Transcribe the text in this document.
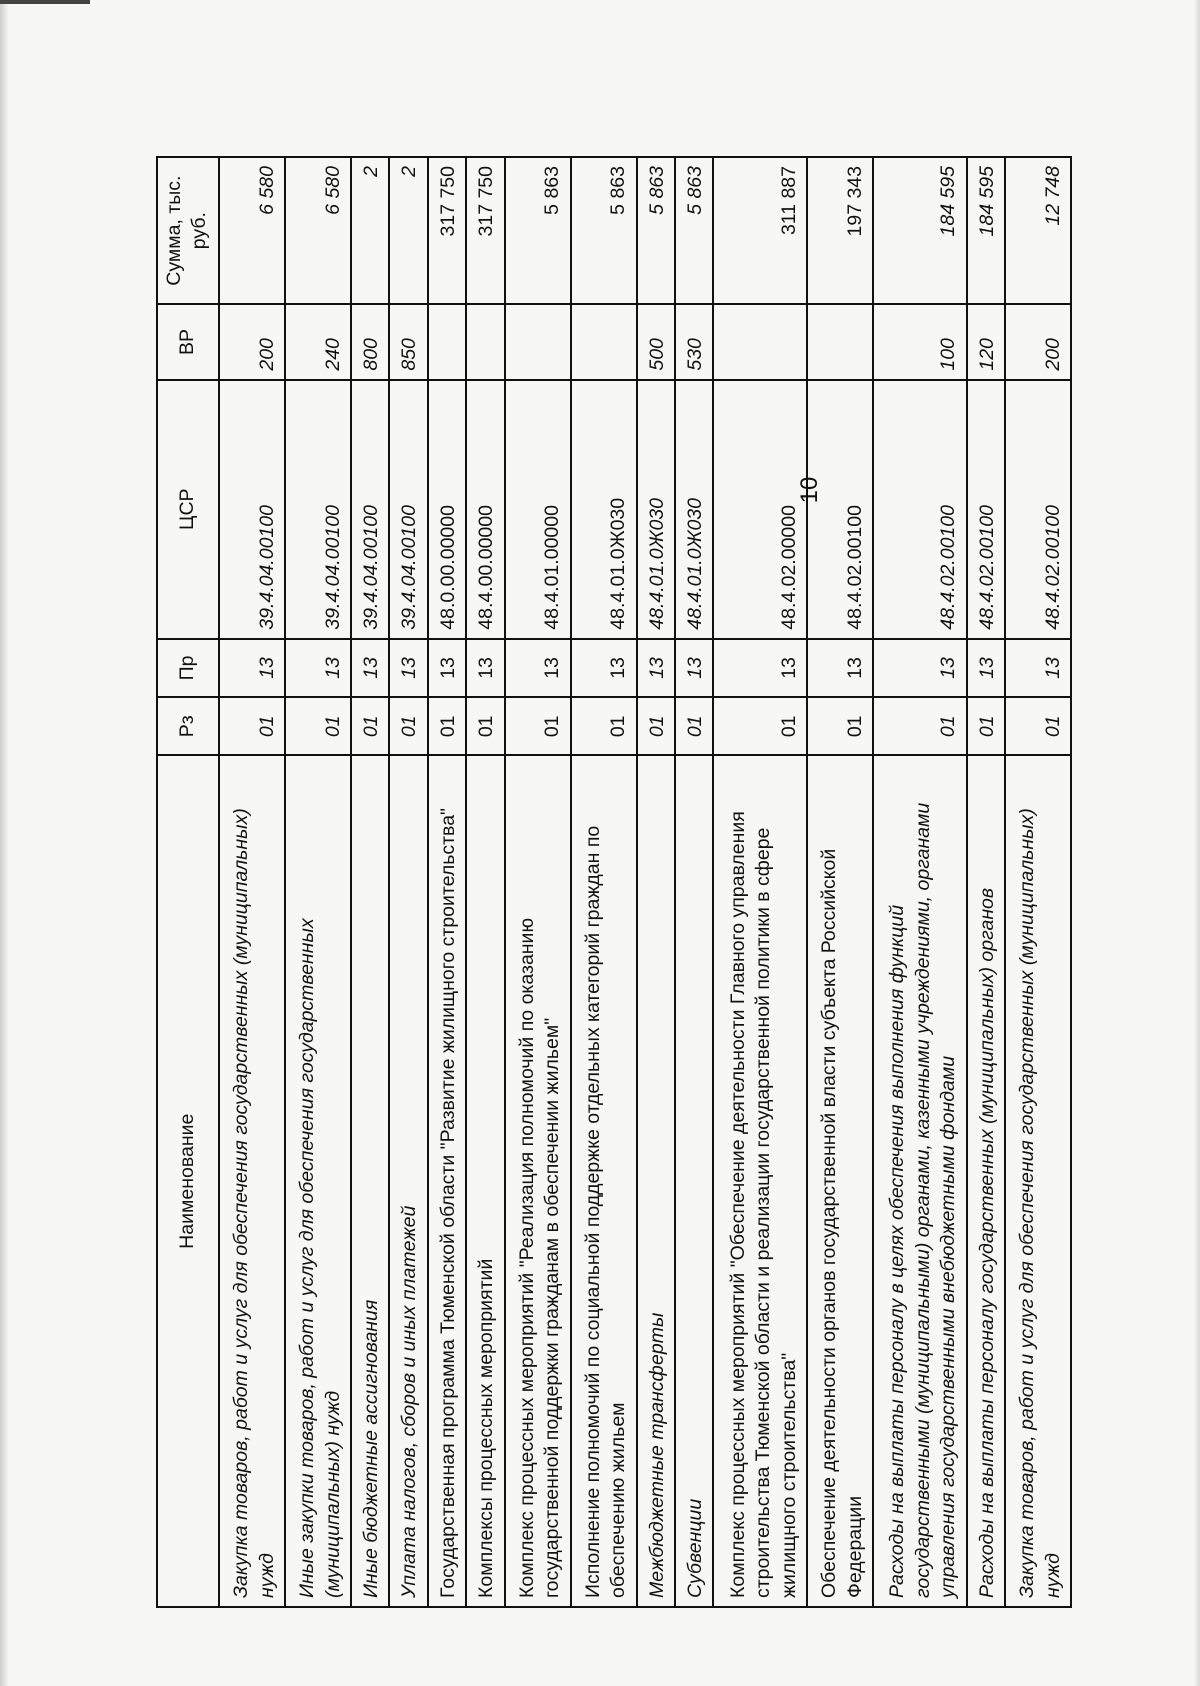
10
Наименование	Рз	Пр	ЦСР	ВР	Сумма, тыс. руб.
Закупка товаров, работ и услуг для обеспечения государственных (муниципальных) нужд	01	13	39.4.04.00100	200	6 580
Иные закупки товаров, работ и услуг для обеспечения государственных (муниципальных) нужд	01	13	39.4.04.00100	240	6 580
Иные бюджетные ассигнования	01	13	39.4.04.00100	800	2
Уплата налогов, сборов и иных платежей	01	13	39.4.04.00100	850	2
Государственная программа Тюменской области "Развитие жилищного строительства"	01	13	48.0.00.00000		317 750
Комплексы процессных мероприятий	01	13	48.4.00.00000		317 750
Комплекс процессных мероприятий "Реализация полномочий по оказанию государственной поддержки гражданам в обеспечении жильем"	01	13	48.4.01.00000		5 863
Исполнение полномочий по социальной поддержке отдельных категорий граждан по обеспечению жильем	01	13	48.4.01.0Ж030		5 863
Межбюджетные трансферты	01	13	48.4.01.0Ж030	500	5 863
Субвенции	01	13	48.4.01.0Ж030	530	5 863
Комплекс процессных мероприятий "Обеспечение деятельности Главного управления строительства Тюменской области и реализации государственной политики в сфере жилищного строительства"	01	13	48.4.02.00000		311 887
Обеспечение деятельности органов государственной власти субъекта Российской Федерации	01	13	48.4.02.00100		197 343
Расходы на выплаты персоналу в целях обеспечения выполнения функций государственными (муниципальными) органами, казенными учреждениями, органами управления государственными внебюджетными фондами	01	13	48.4.02.00100	100	184 595
Расходы на выплаты персоналу государственных (муниципальных) органов	01	13	48.4.02.00100	120	184 595
Закупка товаров, работ и услуг для обеспечения государственных (муниципальных) нужд	01	13	48.4.02.00100	200	12 748
